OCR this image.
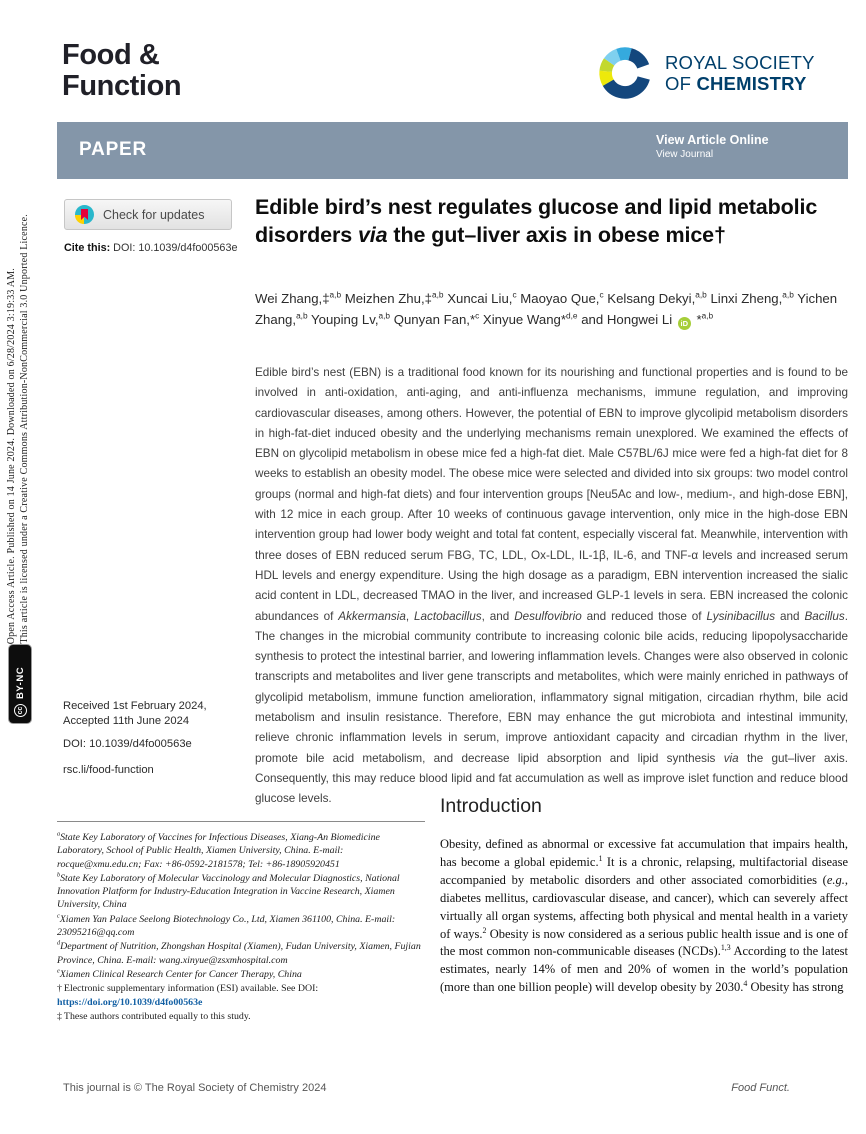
Open Access Article. Published on 14 June 2024. Downloaded on 6/28/2024 3:19:33 AM. This article is licensed under a Creative Commons Attribution-NonCommercial 3.0 Unported Licence.
cc
BY-NC
Food &
Function
ROYAL SOCIETY
OF CHEMISTRY
PAPER	View Article Online
View Journal
Check for updates
Cite this: DOI: 10.1039/d4fo00563e
Edible bird’s nest regulates glucose and lipid metabolic disorders via the gut–liver axis in obese mice†

Wei Zhang,‡$^{a,b}$ Meizhen Zhu,‡$^{a,b}$ Xuncai Liu,$^c$ Maoyao Que,$^c$ Kelsang Dekyi,$^{a,b}$ Linxi Zheng,$^{a,b}$ Yichen Zhang,$^{a,b}$ Youping Lv,$^{a,b}$ Qunyan Fan,*$^c$ Xinyue Wang*$^{d,e}$ and Hongwei Li iD *$^{a,b}$

Edible bird’s nest (EBN) is a traditional food known for its nourishing and functional properties and is found to be involved in anti-oxidation, anti-aging, and anti-influenza mechanisms, immune regulation, and improving cardiovascular diseases, among others. However, the potential of EBN to improve glycolipid metabolism disorders in high-fat-diet induced obesity and the underlying mechanisms remain unexplored. We examined the effects of EBN on glycolipid metabolism in obese mice fed a high-fat diet. Male C57BL/6J mice were fed a high-fat diet for 8 weeks to establish an obesity model. The obese mice were selected and divided into six groups: two model control groups (normal and high-fat diets) and four intervention groups [Neu5Ac and low-, medium-, and high-dose EBN], with 12 mice in each group. After 10 weeks of continuous gavage intervention, only mice in the high-dose EBN intervention group had lower body weight and total fat content, especially visceral fat. Meanwhile, intervention with three doses of EBN reduced serum FBG, TC, LDL, Ox-LDL, IL-1β, IL-6, and TNF-α levels and increased serum HDL levels and energy expenditure. Using the high dosage as a paradigm, EBN intervention increased the sialic acid content in LDL, decreased TMAO in the liver, and increased GLP-1 levels in sera. EBN increased the colonic abundances of Akkermansia, Lactobacillus, and Desulfovibrio and reduced those of Lysinibacillus and Bacillus. The changes in the microbial community contribute to increasing colonic bile acids, reducing lipopolysaccharide synthesis to protect the intestinal barrier, and lowering inflammation levels. Changes were also observed in colonic transcripts and metabolites and liver gene transcripts and metabolites, which were mainly enriched in pathways of glycolipid metabolism, immune function amelioration, inflammatory signal mitigation, circadian rhythm, bile acid metabolism and insulin resistance. Therefore, EBN may enhance the gut microbiota and intestinal immunity, relieve chronic inflammation levels in serum, improve antioxidant capacity and circadian rhythm in the liver, promote bile acid metabolism, and decrease lipid absorption and lipid synthesis via the gut–liver axis. Consequently, this may reduce blood lipid and fat accumulation as well as improve islet function and reduce blood glucose levels.

Received 1st February 2024,
Accepted 11th June 2024
DOI: 10.1039/d4fo00563e
rsc.li/food-function

$^a$State Key Laboratory of Vaccines for Infectious Diseases, Xiang-An Biomedicine Laboratory, School of Public Health, Xiamen University, China. E-mail: rocque@xmu.edu.cn; Fax: +86-0592-2181578; Tel: +86-18905920451

$^b$State Key Laboratory of Molecular Vaccinology and Molecular Diagnostics, National Innovation Platform for Industry-Education Integration in Vaccine Research, Xiamen University, China

$^c$Xiamen Yan Palace Seelong Biotechnology Co., Ltd, Xiamen 361100, China. E-mail: 23095216@qq.com

$^d$Department of Nutrition, Zhongshan Hospital (Xiamen), Fudan University, Xiamen, Fujian Province, China. E-mail: wang.xinyue@zsxmhospital.com

$^e$Xiamen Clinical Research Center for Cancer Therapy, China

† Electronic supplementary information (ESI) available. See DOI: https://doi.org/10.1039/d4fo00563e

‡ These authors contributed equally to this study.

Introduction

Obesity, defined as abnormal or excessive fat accumulation that impairs health, has become a global epidemic.$^1$ It is a chronic, relapsing, multifactorial disease accompanied by metabolic disorders and other associated comorbidities (e.g., diabetes mellitus, cardiovascular disease, and cancer), which can severely affect virtually all organ systems, affecting both physical and mental health in a variety of ways.$^2$ Obesity is now considered as a serious public health issue and is one of the most common non-communicable diseases (NCDs).$^{1,3}$ According to the latest estimates, nearly 14% of men and 20% of women in the world’s population (more than one billion people) will develop obesity by 2030.$^4$ Obesity has strong

This journal is © The Royal Society of Chemistry 2024	Food Funct.
